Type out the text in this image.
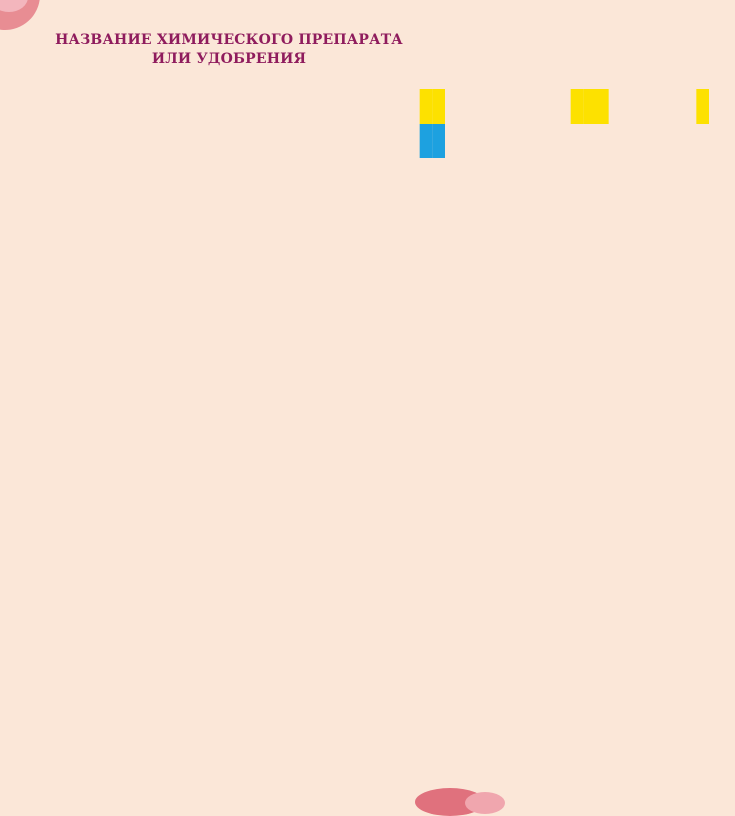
НАЗВАНИЕ ХИМИЧЕСКОГО ПРЕПАРАТА
ИЛИ УДОБРЕНИЯ
